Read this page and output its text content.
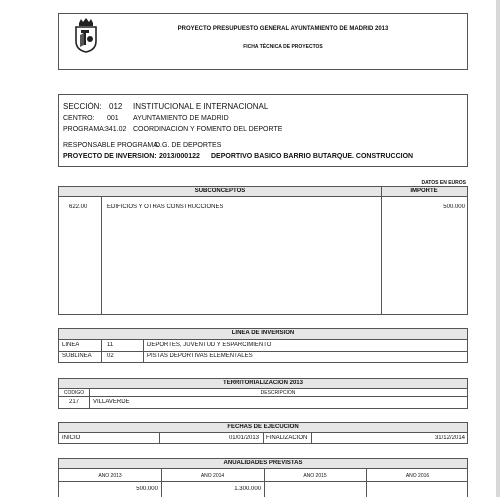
PROYECTO PRESUPUESTO GENERAL AYUNTAMIENTO DE MADRID 2013
FICHA TÉCNICA DE PROYECTOS
SECCIÓN: 012 INSTITUCIONAL E INTERNACIONAL
CENTRO: 001 AYUNTAMIENTO DE MADRID
PROGRAMA: 341.02 COORDINACIÓN Y FOMENTO DEL DEPORTE
RESPONSABLE PROGRAMA:
D.G. DE DEPORTES
PROYECTO DE INVERSIÓN: 2013/000122 DEPORTIVO BÁSICO BARRIO BUTARQUE. CONSTRUCCIÓN
DATOS EN EUROS
SUBCONCEPTOS	IMPORTE
622.00	EDIFICIOS Y OTRAS CONSTRUCCIONES	500.000
LÍNEA DE INVERSIÓN
LÍNEA	11	DEPORTES, JUVENTUD Y ESPARCIMIENTO
SUBLÍNEA	02	PISTAS DEPORTIVAS ELEMENTALES
TERRITORIALIZACIÓN 2013
CODIGO	DESCRIPCION
217	VILLAVERDE
FECHAS DE EJECUCIÓN
INICIO	01/01/2013 FINALIZACIÓN	31/12/2014
ANUALIDADES PREVISTAS
AÑO 2013	AÑO 2014	AÑO 2015	AÑO 2016
500.000	1.300.000
